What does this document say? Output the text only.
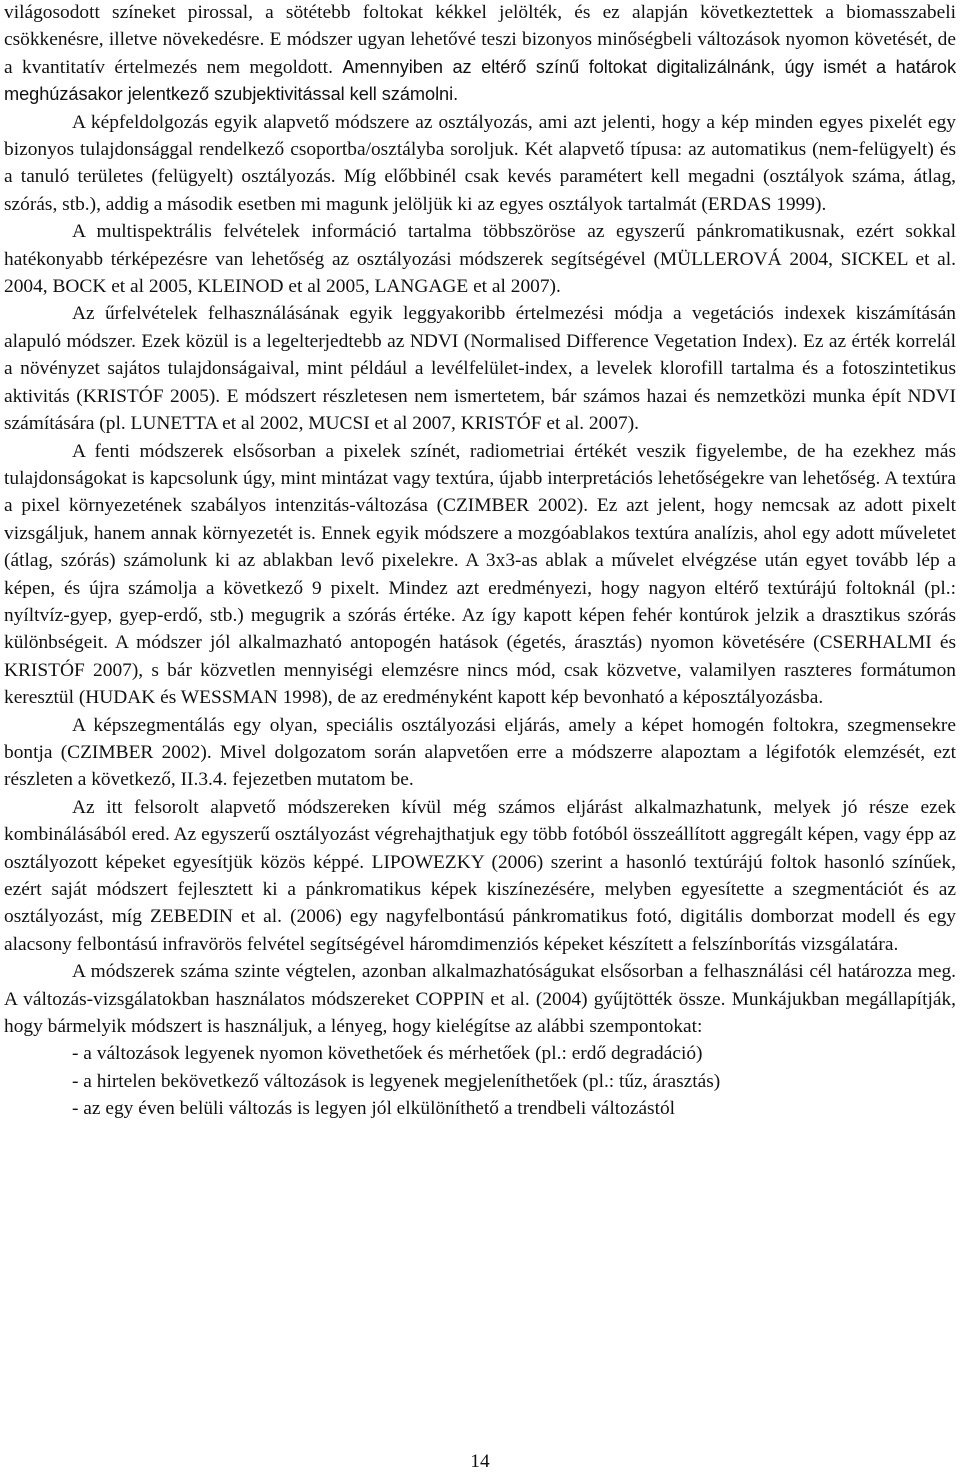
világosodott színeket pirossal, a sötétebb foltokat kékkel jelölték, és ez alapján következtettek a biomasszabeli csökkenésre, illetve növekedésre. E módszer ugyan lehetővé teszi bizonyos minőségbeli változások nyomon követését, de a kvantitatív értelmezés nem megoldott. Amennyiben az eltérő színű foltokat digitalizálnánk, úgy ismét a határok meghúzásakor jelentkező szubjektivitással kell számolni.

A képfeldolgozás egyik alapvető módszere az osztályozás, ami azt jelenti, hogy a kép minden egyes pixelét egy bizonyos tulajdonsággal rendelkező csoportba/osztályba soroljuk. Két alapvető típusa: az automatikus (nem-felügyelt) és a tanuló területes (felügyelt) osztályozás. Míg előbbinél csak kevés paramétert kell megadni (osztályok száma, átlag, szórás, stb.), addig a második esetben mi magunk jelöljük ki az egyes osztályok tartalmát (ERDAS 1999).

A multispektrális felvételek információ tartalma többszöröse az egyszerű pánkromatikusnak, ezért sokkal hatékonyabb térképezésre van lehetőség az osztályozási módszerek segítségével (MÜLLEROVÁ 2004, SICKEL et al. 2004, BOCK et al 2005, KLEINOD et al 2005, LANGAGE et al 2007).

Az űrfelvételek felhasználásának egyik leggyakoribb értelmezési módja a vegetációs indexek kiszámításán alapuló módszer. Ezek közül is a legelterjedtebb az NDVI (Normalised Difference Vegetation Index). Ez az érték korrelál a növényzet sajátos tulajdonságaival, mint például a levélfelület-index, a levelek klorofill tartalma és a fotoszintetikus aktivitás (KRISTÓF 2005). E módszert részletesen nem ismertetem, bár számos hazai és nemzetközi munka épít NDVI számítására (pl. LUNETTA et al 2002, MUCSI et al 2007, KRISTÓF et al. 2007).

A fenti módszerek elsősorban a pixelek színét, radiometriai értékét veszik figyelembe, de ha ezekhez más tulajdonságokat is kapcsolunk úgy, mint mintázat vagy textúra, újabb interpretációs lehetőségekre van lehetőség. A textúra a pixel környezetének szabályos intenzitás-változása (CZIMBER 2002). Ez azt jelent, hogy nemcsak az adott pixelt vizsgáljuk, hanem annak környezetét is. Ennek egyik módszere a mozgóablakos textúra analízis, ahol egy adott műveletet (átlag, szórás) számolunk ki az ablakban levő pixelekre. A 3x3-as ablak a művelet elvégzése után egyet tovább lép a képen, és újra számolja a következő 9 pixelt. Mindez azt eredményezi, hogy nagyon eltérő textúrájú foltoknál (pl.: nyíltvíz-gyep, gyep-erdő, stb.) megugrik a szórás értéke. Az így kapott képen fehér kontúrok jelzik a drasztikus szórás különbségeit. A módszer jól alkalmazható antopogén hatások (égetés, árasztás) nyomon követésére (CSERHALMI és KRISTÓF 2007), s bár közvetlen mennyiségi elemzésre nincs mód, csak közvetve, valamilyen raszteres formátumon keresztül (HUDAK és WESSMAN 1998), de az eredményként kapott kép bevonható a képosztályozásba.

A képszegmentálás egy olyan, speciális osztályozási eljárás, amely a képet homogén foltokra, szegmensekre bontja (CZIMBER 2002). Mivel dolgozatom során alapvetően erre a módszerre alapoztam a légifotók elemzését, ezt részleten a következő, II.3.4. fejezetben mutatom be.

Az itt felsorolt alapvető módszereken kívül még számos eljárást alkalmazhatunk, melyek jó része ezek kombinálásából ered. Az egyszerű osztályozást végrehajthatjuk egy több fotóból összeállított aggregált képen, vagy épp az osztályozott képeket egyesítjük közös képpé. LIPOWEZKY (2006) szerint a hasonló textúrájú foltok hasonló színűek, ezért saját módszert fejlesztett ki a pánkromatikus képek kiszínezésére, melyben egyesítette a szegmentációt és az osztályozást, míg ZEBEDIN et al. (2006) egy nagyfelbontású pánkromatikus fotó, digitális domborzat modell és egy alacsony felbontású infravörös felvétel segítségével háromdimenziós képeket készített a felszínborítás vizsgálatára.

A módszerek száma szinte végtelen, azonban alkalmazhatóságukat elsősorban a felhasználási cél határozza meg. A változás-vizsgálatokban használatos módszereket COPPIN et al. (2004) gyűjtötték össze. Munkájukban megállapítják, hogy bármelyik módszert is használjuk, a lényeg, hogy kielégítse az alábbi szempontokat:

- a változások legyenek nyomon követhetőek és mérhetőek (pl.: erdő degradáció)
- a hirtelen bekövetkező változások is legyenek megjeleníthetőek (pl.: tűz, árasztás)
- az egy éven belüli változás is legyen jól elkülöníthető a trendbeli változástól
14
